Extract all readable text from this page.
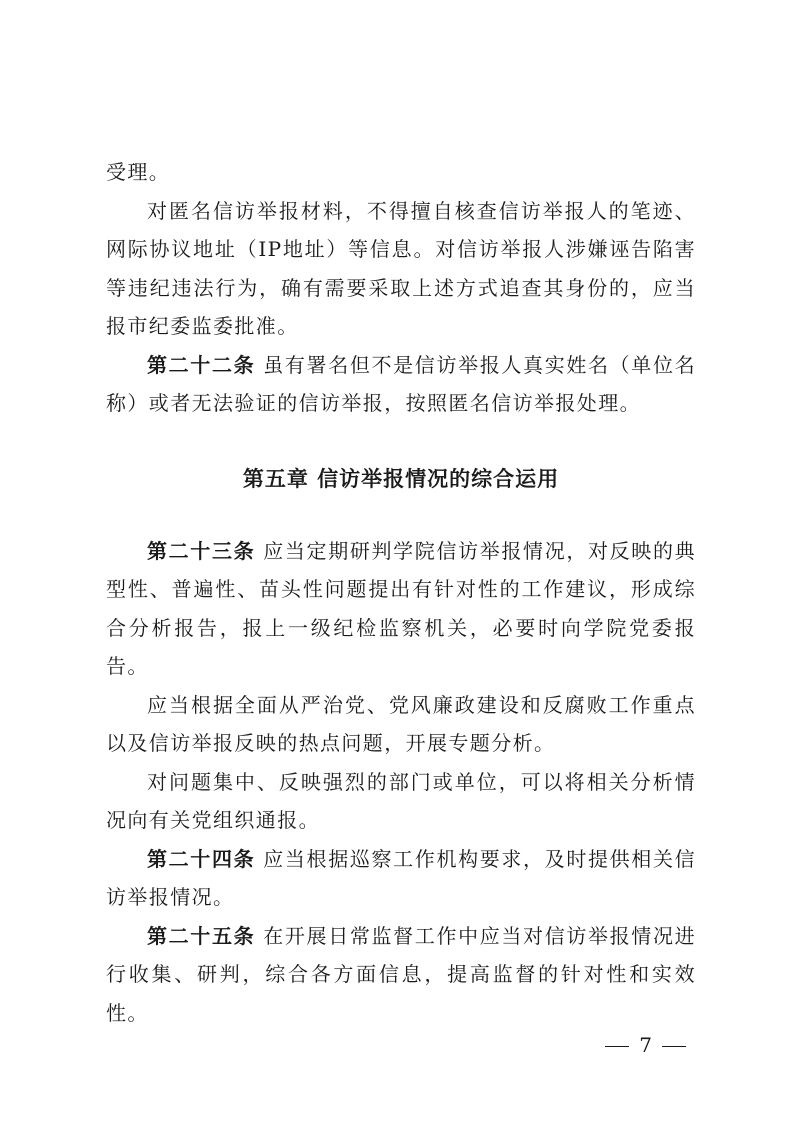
受理。

对匿名信访举报材料，不得擅自核查信访举报人的笔迹、网际协议地址（IP地址）等信息。对信访举报人涉嫌诬告陷害等违纪违法行为，确有需要采取上述方式追查其身份的，应当报市纪委监委批准。

第二十二条 虽有署名但不是信访举报人真实姓名（单位名称）或者无法验证的信访举报，按照匿名信访举报处理。

第五章 信访举报情况的综合运用

第二十三条 应当定期研判学院信访举报情况，对反映的典型性、普遍性、苗头性问题提出有针对性的工作建议，形成综合分析报告，报上一级纪检监察机关，必要时向学院党委报告。

应当根据全面从严治党、党风廉政建设和反腐败工作重点以及信访举报反映的热点问题，开展专题分析。

对问题集中、反映强烈的部门或单位，可以将相关分析情况向有关党组织通报。

第二十四条 应当根据巡察工作机构要求，及时提供相关信访举报情况。

第二十五条 在开展日常监督工作中应当对信访举报情况进行收集、研判，综合各方面信息，提高监督的针对性和实效性。

7
